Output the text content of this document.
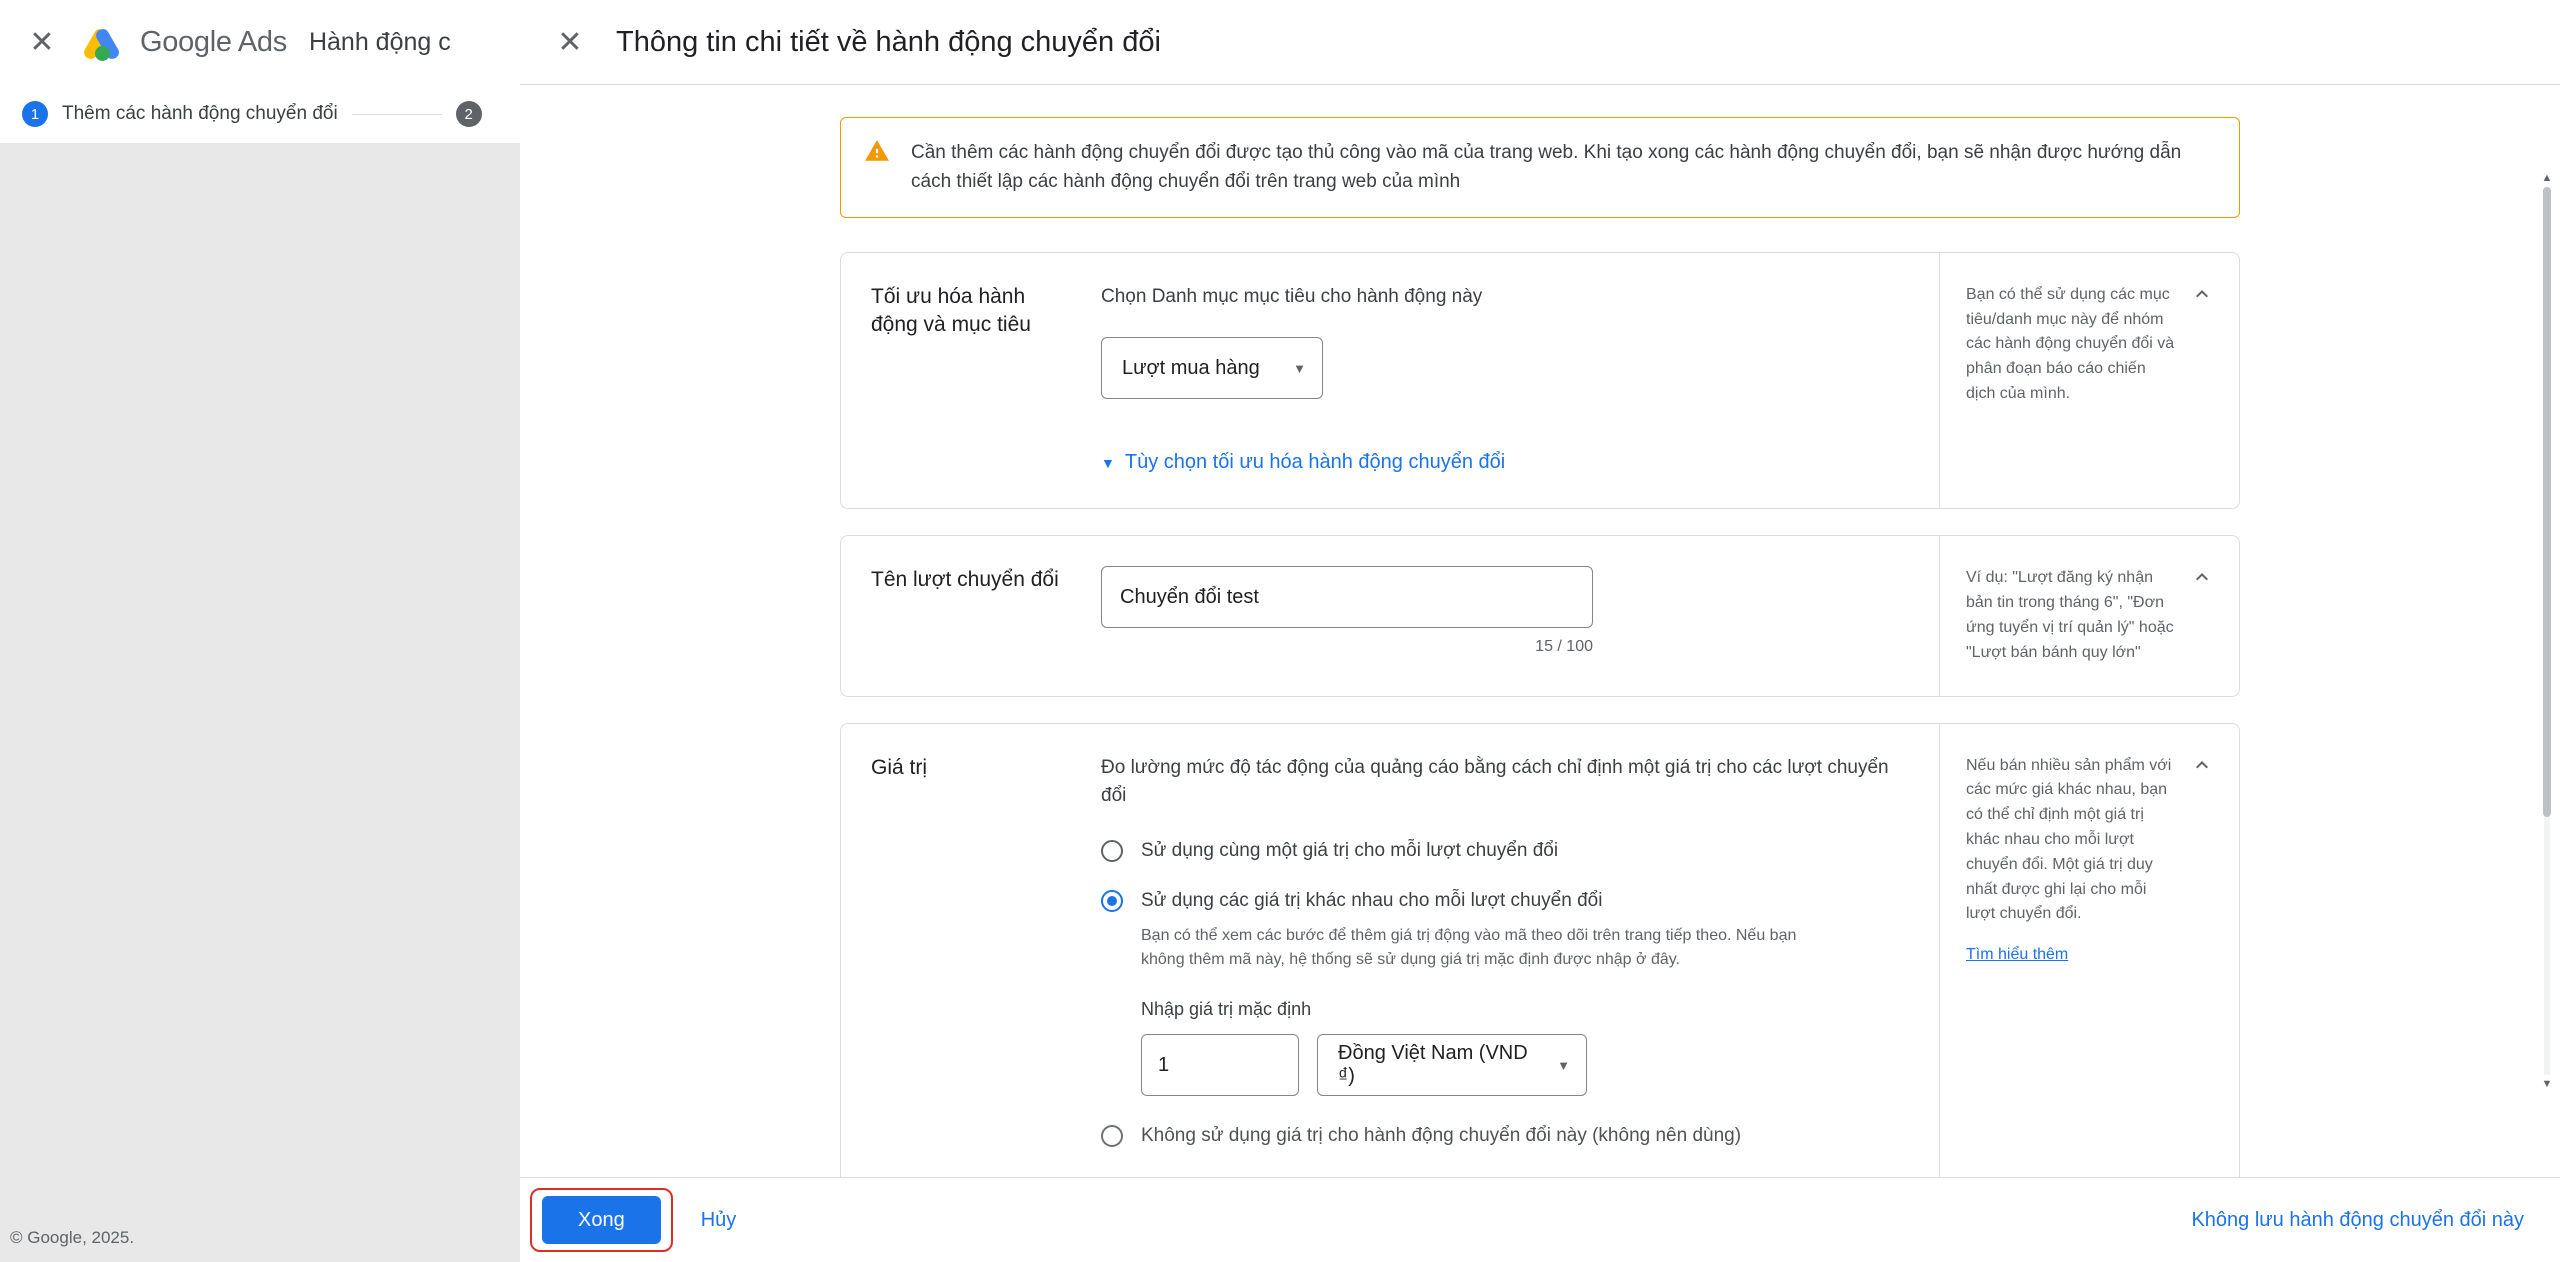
✕	Google Ads Hành động c
1	Thêm các hành động chuyển đổi	2
© Google, 2025.
✕	Thông tin chi tiết về hành động chuyển đổi
▲
▼
Cần thêm các hành động chuyển đổi được tạo thủ công vào mã của trang web. Khi tạo xong các hành động chuyển đổi, bạn sẽ nhận được hướng dẫn cách thiết lập các hành động chuyển đổi trên trang web của mình
Tối ưu hóa hành động và mục tiêu
Chọn Danh mục mục tiêu cho hành động này
Lượt mua hàng	▼
▼ Tùy chọn tối ưu hóa hành động chuyển đổi
Bạn có thể sử dụng các mục tiêu/danh mục này để nhóm các hành động chuyển đổi và phân đoạn báo cáo chiến dịch của mình.
Tên lượt chuyển đổi
Chuyển đổi test
15 / 100
Ví dụ: "Lượt đăng ký nhận bản tin trong tháng 6", "Đơn ứng tuyển vị trí quản lý" hoặc "Lượt bán bánh quy lớn"
Giá trị	Đo lường mức độ tác động của quảng cáo bằng cách chỉ định một giá trị cho các lượt chuyển đổi
Sử dụng cùng một giá trị cho mỗi lượt chuyển đổi
Sử dụng các giá trị khác nhau cho mỗi lượt chuyển đổi
Bạn có thể xem các bước để thêm giá trị động vào mã theo dõi trên trang tiếp theo. Nếu bạn không thêm mã này, hệ thống sẽ sử dụng giá trị mặc định được nhập ở đây.
Nhập giá trị mặc định
1
Đồng Việt Nam (VND ₫)	▼
Không sử dụng giá trị cho hành động chuyển đổi này (không nên dùng)
Nếu bán nhiều sản phẩm với các mức giá khác nhau, bạn có thể chỉ định một giá trị khác nhau cho mỗi lượt chuyển đổi. Một giá trị duy nhất được ghi lại cho mỗi lượt chuyển đổi.
Tìm hiểu thêm
Xong	Hủy	Không lưu hành động chuyển đổi này
